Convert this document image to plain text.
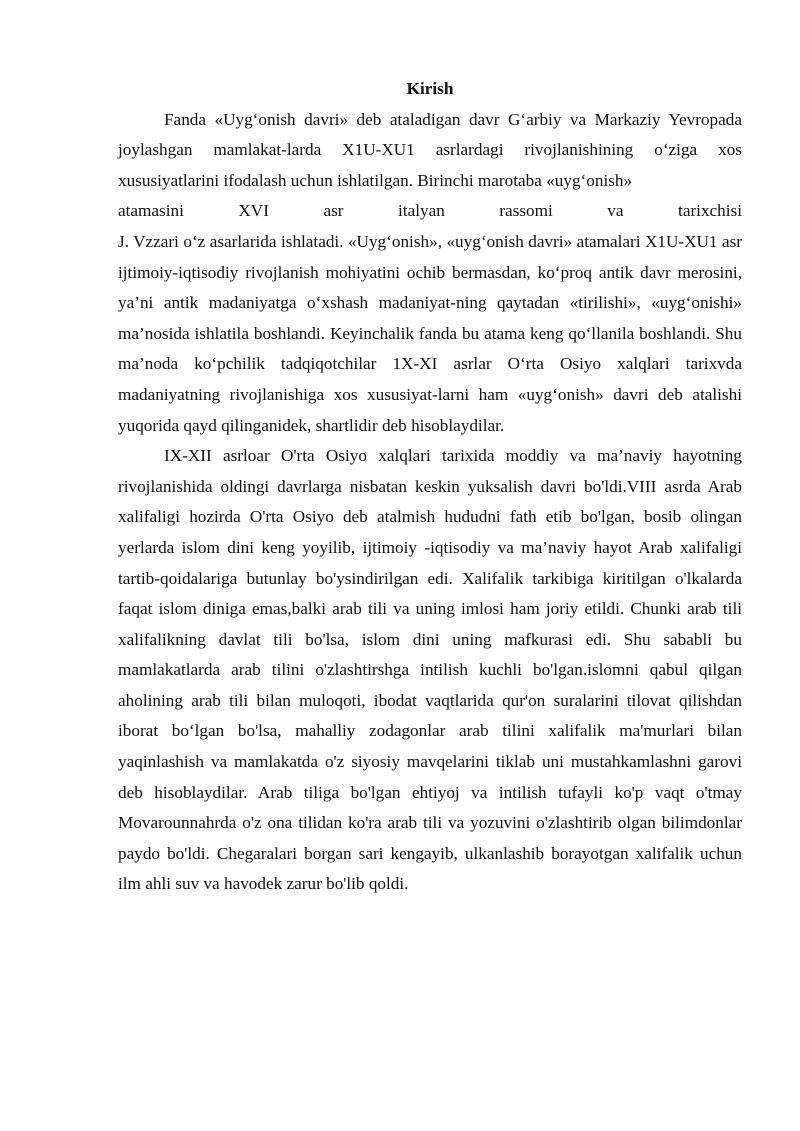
Kirish

Fanda «Uyg‘onish davri» deb ataladigan davr G‘arbiy va Markaziy Yevropada joylashgan mamlakat-larda X1U-XU1 asrlardagi rivojlanishining o‘ziga xos xususiyatlarini ifodalash uchun ishlatilgan. Birinchi marotaba «uyg‘onish»
atamasini XVI asr italyan rassomi va tarixchisi
J. Vzzari o‘z asarlarida ishlatadi. «Uyg‘onish», «uyg‘onish davri» atamalari X1U-XU1 asr ijtimoiy-iqtisodiy rivojlanish mohiyatini ochib bermasdan, ko‘proq antik davr merosini, ya’ni antik madaniyatga o‘xshash madaniyat-ning qaytadan «tirilishi», «uyg‘onishi» ma’nosida ishlatila boshlandi. Keyinchalik fanda bu atama keng qo‘llanila boshlandi. Shu ma’noda ko‘pchilik tadqiqotchilar 1X-XI asrlar O‘rta Osiyo xalqlari tarixvda madaniyatning rivojlanishiga xos xususiyat-larni ham «uyg‘onish» davri deb atalishi yuqorida qayd qilinganidek, shartlidir deb hisoblaydilar.

IX-XII asrloar O'rta Osiyo xalqlari tarixida moddiy va ma’naviy hayotning rivojlanishida oldingi davrlarga nisbatan keskin yuksalish davri bo'ldi.VIII asrda Arab xalifaligi hozirda O'rta Osiyo deb atalmish hududni fath etib bo'lgan, bosib olingan yerlarda islom dini keng yoyilib, ijtimoiy -iqtisodiy va ma’naviy hayot Arab xalifaligi tartib-qoidalariga butunlay bo'ysindirilgan edi. Xalifalik tarkibiga kiritilgan o'lkalarda faqat islom diniga emas,balki arab tili va uning imlosi ham joriy etildi. Chunki arab tili xalifalikning davlat tili bo'lsa, islom dini uning mafkurasi edi. Shu sababli bu mamlakatlarda arab tilini o'zlashtirshga intilish kuchli bo'lgan.islomni qabul qilgan aholining arab tili bilan muloqoti, ibodat vaqtlarida qur'on suralarini tilovat qilishdan iborat bo‘lgan bo'lsa, mahalliy zodagonlar arab tilini xalifalik ma'murlari bilan yaqinlashish va mamlakatda o'z siyosiy mavqelarini tiklab uni mustahkamlashni garovi deb hisoblaydilar. Arab tiliga bo'lgan ehtiyoj va intilish tufayli ko'p vaqt o'tmay Movarounnahrda o'z ona tilidan ko'ra arab tili va yozuvini o'zlashtirib olgan bilimdonlar paydo bo'ldi. Chegaralari borgan sari kengayib, ulkanlashib borayotgan xalifalik uchun ilm ahli suv va havodek zarur bo'lib qoldi.
